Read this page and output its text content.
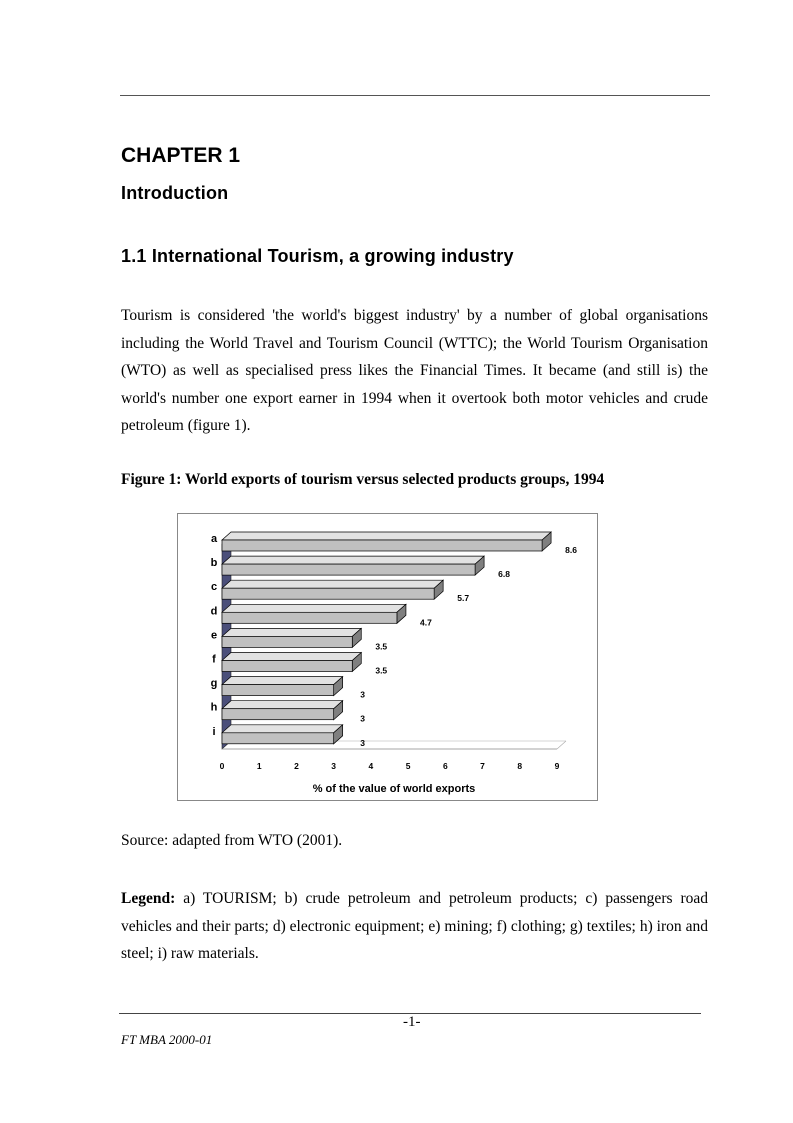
CHAPTER 1
Introduction
1.1 International Tourism, a growing industry

Tourism is considered 'the world's biggest industry' by a number of global organisations including the World Travel and Tourism Council (WTTC); the World Tourism Organisation (WTO) as well as specialised press likes the Financial Times. It became (and still is) the world's number one export earner in 1994 when it overtook both motor vehicles and crude petroleum (figure 1).

Figure 1: World exports of tourism versus selected products groups, 1994

a
b
c
d
e
f
g
h
i
8.6
6.8
5.7
4.7
3.5
3.5
3
3
3
0	1	2	3	4	5	6	7	8	9
% of the value of world exports

Source: adapted from WTO (2001).

Legend: a) TOURISM; b) crude petroleum and petroleum products; c) passengers road vehicles and their parts; d) electronic equipment; e) mining; f) clothing; g) textiles; h) iron and steel; i) raw materials.

-1-

FT MBA 2000-01
